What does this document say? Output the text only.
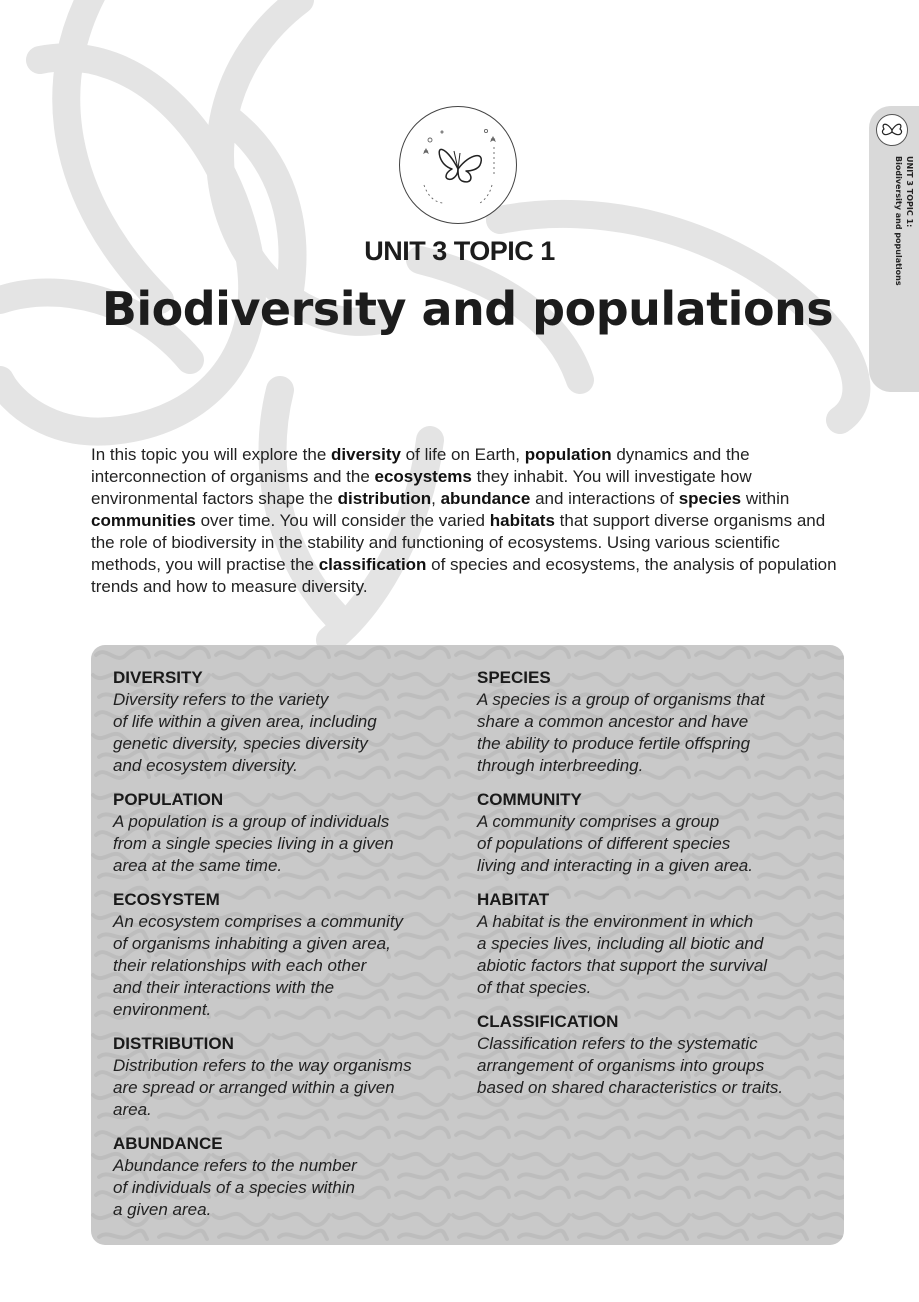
UNIT 3 TOPIC 1:
Biodiversity and populations
UNIT 3 TOPIC 1
Biodiversity and populations
In this topic you will explore the diversity of life on Earth, population dynamics and the interconnection of organisms and the ecosystems they inhabit. You will investigate how environmental factors shape the distribution, abundance and interactions of species within communities over time. You will consider the varied habitats that support diverse organisms and the role of biodiversity in the stability and functioning of ecosystems. Using various scientific methods, you will practise the classification of species and ecosystems, the analysis of population trends and how to measure diversity.
DIVERSITY
Diversity refers to the variety
of life within a given area, including
genetic diversity, species diversity
and ecosystem diversity.
POPULATION
A population is a group of individuals
from a single species living in a given
area at the same time.
ECOSYSTEM
An ecosystem comprises a community
of organisms inhabiting a given area,
their relationships with each other
and their interactions with the
environment.
DISTRIBUTION
Distribution refers to the way organisms
are spread or arranged within a given
area.
ABUNDANCE
Abundance refers to the number
of individuals of a species within
a given area.
SPECIES
A species is a group of organisms that
share a common ancestor and have
the ability to produce fertile offspring
through interbreeding.
COMMUNITY
A community comprises a group
of populations of different species
living and interacting in a given area.
HABITAT
A habitat is the environment in which
a species lives, including all biotic and
abiotic factors that support the survival
of that species.
CLASSIFICATION
Classification refers to the systematic
arrangement of organisms into groups
based on shared characteristics or traits.
